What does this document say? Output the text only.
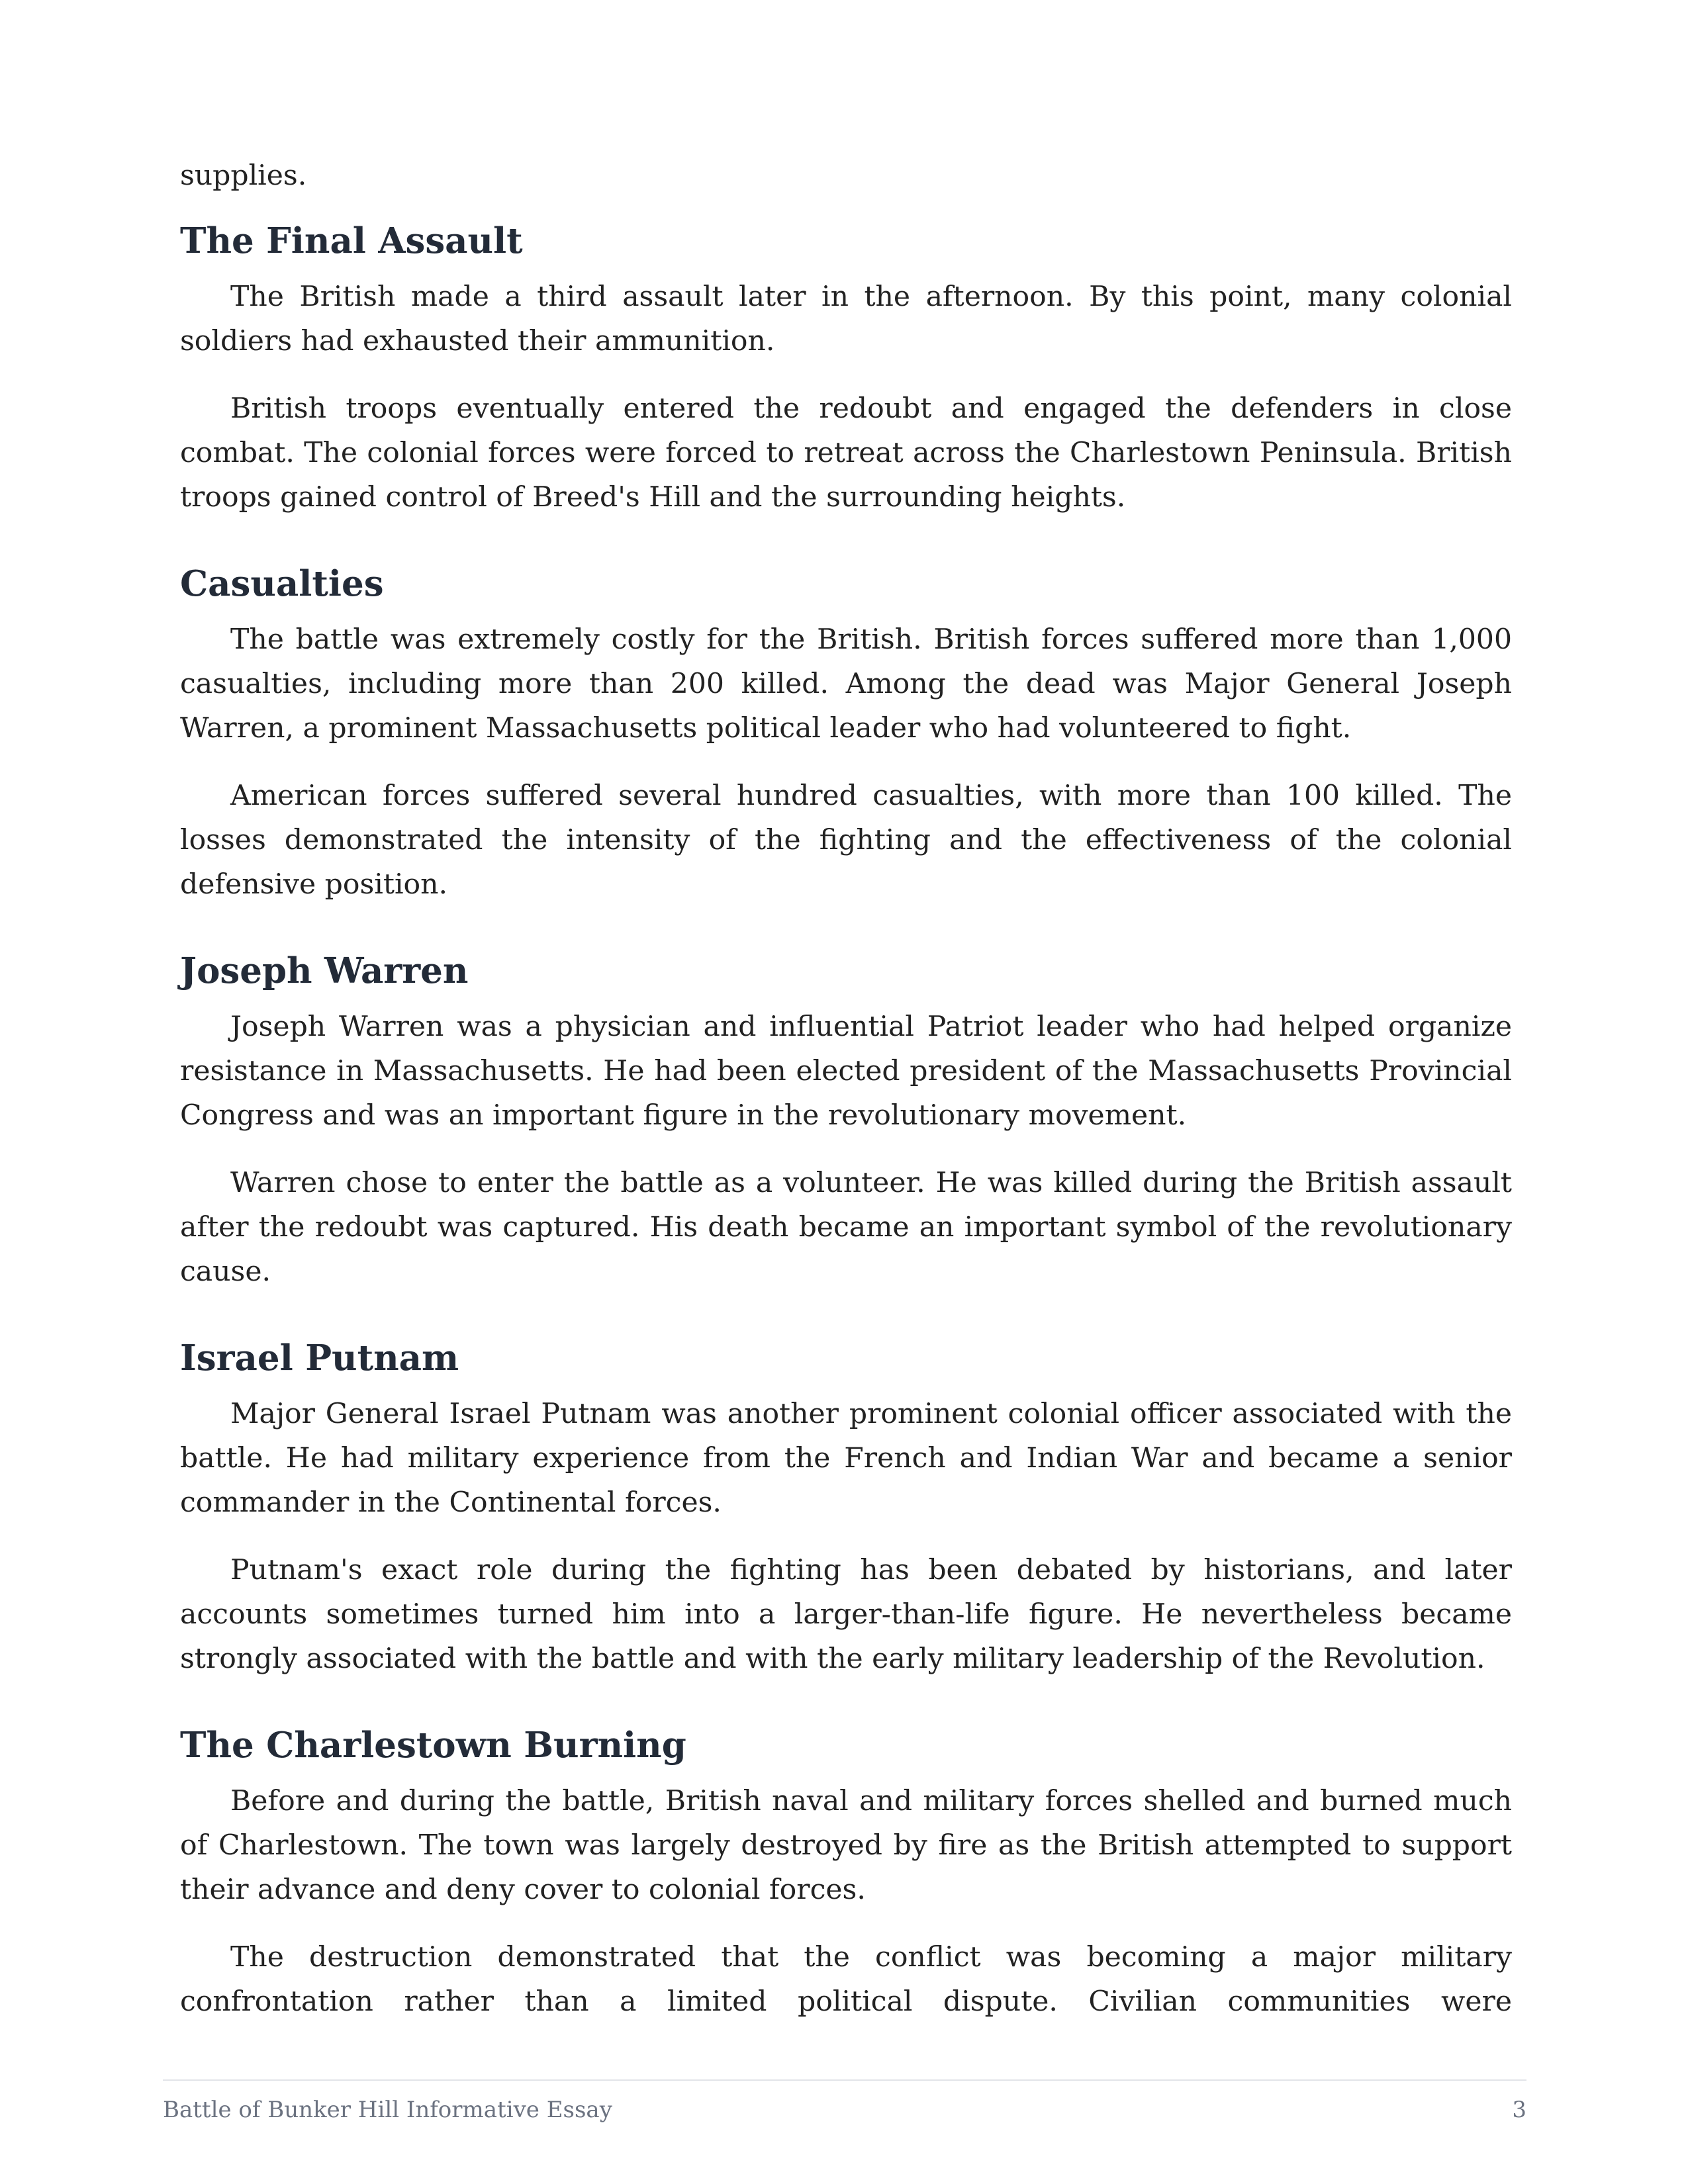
supplies.

The Final Assault

The British made a third assault later in the afternoon. By this point, many colonial soldiers had exhausted their ammunition.

British troops eventually entered the redoubt and engaged the defenders in close combat. The colonial forces were forced to retreat across the Charlestown Peninsula. British troops gained control of Breed's Hill and the surrounding heights.

Casualties

The battle was extremely costly for the British. British forces suffered more than 1,000 casualties, including more than 200 killed. Among the dead was Major General Joseph Warren, a prominent Massachusetts political leader who had volunteered to fight.

American forces suffered several hundred casualties, with more than 100 killed. The losses demonstrated the intensity of the fighting and the effectiveness of the colonial defensive position.

Joseph Warren

Joseph Warren was a physician and influential Patriot leader who had helped organize resistance in Massachusetts. He had been elected president of the Massachusetts Provincial Congress and was an important figure in the revolutionary movement.

Warren chose to enter the battle as a volunteer. He was killed during the British assault after the redoubt was captured. His death became an important symbol of the revolutionary cause.

Israel Putnam

Major General Israel Putnam was another prominent colonial officer associated with the battle. He had military experience from the French and Indian War and became a senior commander in the Continental forces.

Putnam's exact role during the fighting has been debated by historians, and later accounts sometimes turned him into a larger-than-life figure. He nevertheless became strongly associated with the battle and with the early military leadership of the Revolution.

The Charlestown Burning

Before and during the battle, British naval and military forces shelled and burned much of Charlestown. The town was largely destroyed by fire as the British attempted to support their advance and deny cover to colonial forces.

The destruction demonstrated that the conflict was becoming a major military confrontation rather than a limited political dispute. Civilian communities were

Battle of Bunker Hill Informative Essay	3
